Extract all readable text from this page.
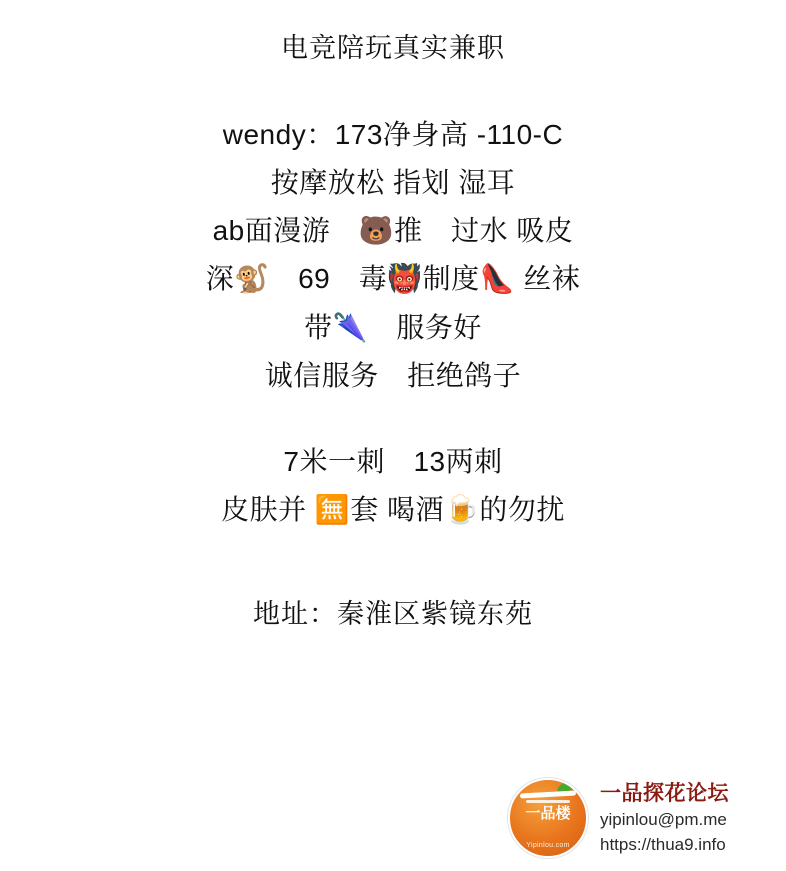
电竞陪玩真实兼职
wendy：173净身高 -110-C
按摩放松 指划 湿耳
ab面漫游　🐻推　过水 吸皮
深🐒　69　毒👹制度👠 丝袜
带🌂　服务好
诚信服务　拒绝鸽子
7米一刺　13两刺
皮肤并 🈚套 喝酒🍺的勿扰
地址：秦淮区紫镜东苑
一品楼
Yipinlou.com
一品探花论坛
yipinlou@pm.me
https://thua9.info
